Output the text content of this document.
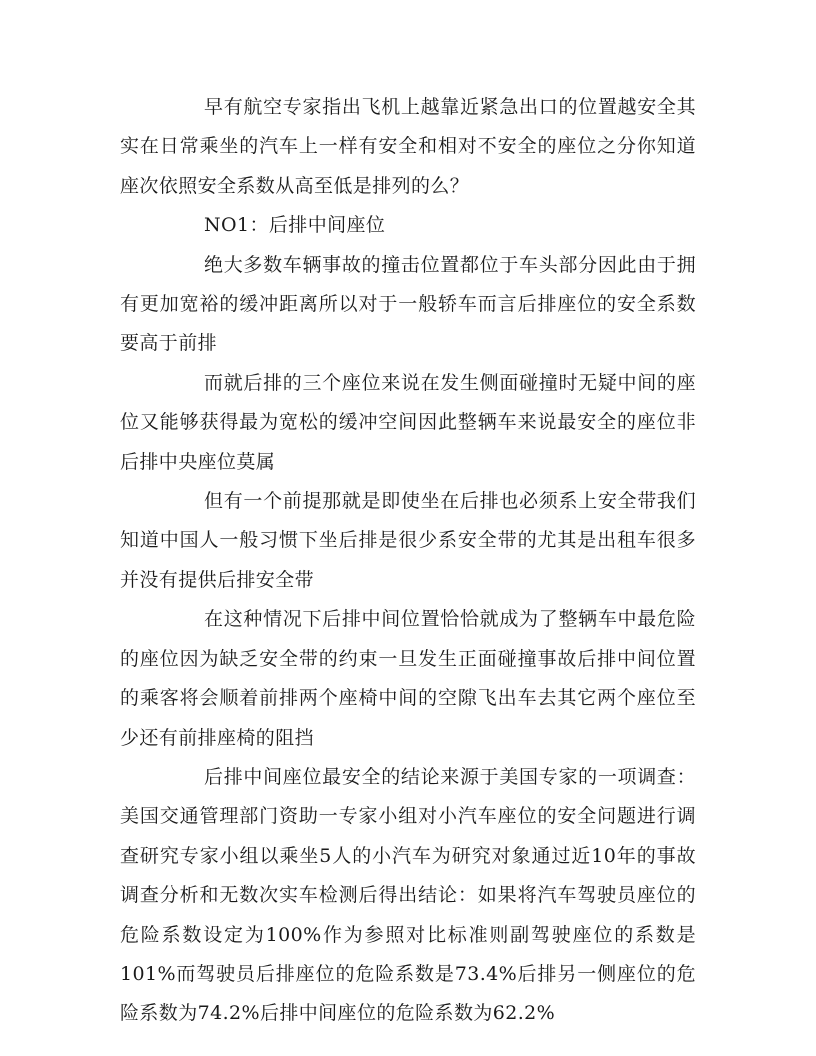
早有航空专家指出飞机上越靠近紧急出口的位置越安全其实在日常乘坐的汽车上一样有安全和相对不安全的座位之分你知道座次依照安全系数从高至低是排列的么？

NO1：后排中间座位

绝大多数车辆事故的撞击位置都位于车头部分因此由于拥有更加宽裕的缓冲距离所以对于一般轿车而言后排座位的安全系数要高于前排

而就后排的三个座位来说在发生侧面碰撞时无疑中间的座位又能够获得最为宽松的缓冲空间因此整辆车来说最安全的座位非后排中央座位莫属

但有一个前提那就是即使坐在后排也必须系上安全带我们知道中国人一般习惯下坐后排是很少系安全带的尤其是出租车很多并没有提供后排安全带

在这种情况下后排中间位置恰恰就成为了整辆车中最危险的座位因为缺乏安全带的约束一旦发生正面碰撞事故后排中间位置的乘客将会顺着前排两个座椅中间的空隙飞出车去其它两个座位至少还有前排座椅的阻挡

后排中间座位最安全的结论来源于美国专家的一项调查：美国交通管理部门资助一专家小组对小汽车座位的安全问题进行调查研究专家小组以乘坐5人的小汽车为研究对象通过近10年的事故调查分析和无数次实车检测后得出结论：如果将汽车驾驶员座位的危险系数设定为100%作为参照对比标准则副驾驶座位的系数是101%而驾驶员后排座位的危险系数是73.4%后排另一侧座位的危险系数为74.2%后排中间座位的危险系数为62.2%
